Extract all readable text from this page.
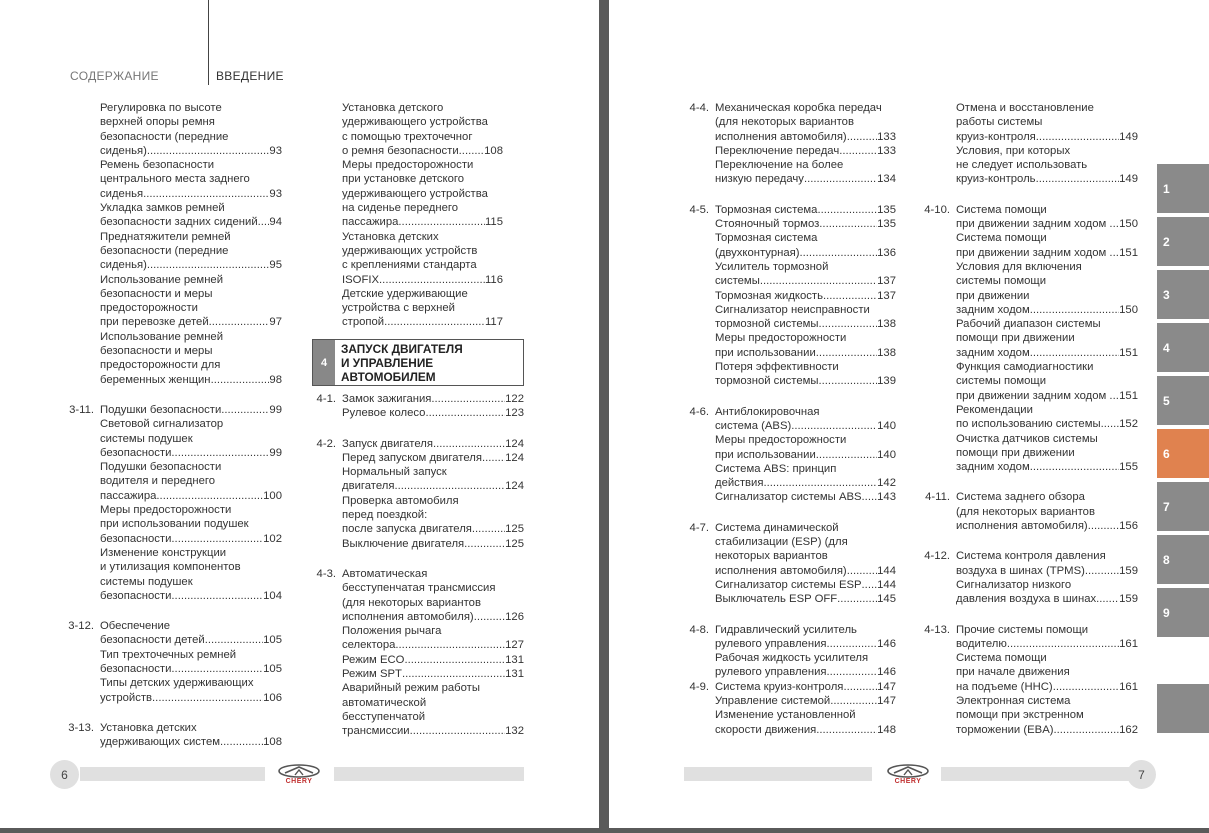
СОДЕРЖАНИЕ	ВВЕДЕНИЕ
Регулировка по высоте
верхней опоры ремня
безопасности (передние
сиденья) .....	93
Ремень безопасности
центрального места заднего
сиденья .....	93
Укладка замков ремней
безопасности задних сидений.. ..... 94
Преднатяжители ремней
безопасности (передние
сиденья) .....	95
Использование ремней
безопасности и меры
предосторожности
при перевозке детей .....	97
Использование ремней
безопасности и меры
предосторожности для
беременных женщин .....	98
3-11. Подушки безопасности .....	99
Световой сигнализатор
системы подушек
безопасности .....	99
Подушки безопасности
водителя и переднего
пассажира .....	100
Меры предосторожности
при использовании подушек
безопасности .....	102
Изменение конструкции
и утилизация компонентов
системы подушек
безопасности .....	104
3-12. Обеспечение
безопасности детей .....	105
Тип трехточечных ремней
безопасности .....	105
Типы детских удерживающих
устройств .....	106
3-13. Установка детских
удерживающих систем .....	108
Установка детского
удерживающего устройства
с помощью трехточечног
о ремня безопасности ..... 108
Меры предосторожности
при установке детского
удерживающего устройства
на сиденье переднего
пассажира .....	115
Установка детских
удерживающих устройств
с креплениями стандарта
ISOFIX .....	116
Детские удерживающие
устройства с верхней
стропой .....	117
4
ЗАПУСК ДВИГАТЕЛЯ
И УПРАВЛЕНИЕ
АВТОМОБИЛЕМ
4-1. Замок зажигания .....	122
Рулевое колесо .....	123
4-2. Запуск двигателя .....	124
Перед запуском двигателя ..... 124
Нормальный запуск
двигателя .....	124
Проверка автомобиля
перед поездкой:
после запуска двигателя .....	125
Выключение двигателя .....	125
4-3. Автоматическая
бесступенчатая трансмиссия
(для некоторых вариантов
исполнения автомобиля) .....	126
Положения рычага
селектора .....	127
Режим ECO .....	131
Режим SPT .....	131
Аварийный режим работы
автоматической
бесступенчатой
трансмиссии .....	132
6	CHERY
4-4. Механическая коробка передач
(для некоторых вариантов
исполнения автомобиля) .....	133
Переключение передач .....	133
Переключение на более
низкую передачу .....	134
4-5. Тормозная система .....	135
Стояночный тормоз .....	135
Тормозная система
(двухконтурная) .....	136
Усилитель тормозной
системы .....	137
Тормозная жидкость .....	137
Сигнализатор неисправности
тормозной системы .....	138
Меры предосторожности
при использовании .....	138
Потеря эффективности
тормозной системы .....	139
4-6. Антиблокировочная
система (ABS) .....	140
Меры предосторожности
при использовании .....	140
Система ABS: принцип
действия .....	142
Сигнализатор системы ABS ..... 143
4-7. Система динамической
стабилизации (ESP) (для
некоторых вариантов
исполнения автомобиля) .....	144
Сигнализатор системы ESP ..... 144
Выключатель ESP OFF .....	145
4-8. Гидравлический усилитель
рулевого управления .....	146
Рабочая жидкость усилителя
рулевого управления .....	146
4-9. Система круиз-контроля .....	147
Управление системой .....	147
Изменение установленной
скорости движения .....	148
Отмена и восстановление
работы системы
круиз-контроля .....	149
Условия, при которых
не следует использовать
круиз-контроль .....	149
4-10. Система помощи
при движении задним ходом .. ..... 150
Система помощи
при движении задним ходом .. ..... 151
Условия для включения
системы помощи
при движении
задним ходом .....	150
Рабочий диапазон системы
помощи при движении
задним ходом .....	151
Функция самодиагностики
системы помощи
при движении задним ходом .. ..... 151
Рекомендации
по использованию системы... ..... 152
Очистка датчиков системы
помощи при движении
задним ходом .....	155
4-11. Система заднего обзора
(для некоторых вариантов
исполнения автомобиля) .....	156
4-12. Система контроля давления
воздуха в шинах (TPMS) .....	159
Сигнализатор низкого
давления воздуха в шинах ..... 159
4-13. Прочие системы помощи
водителю .....	161
Система помощи
при начале движения
на подъеме (HHC) .....	161
Электронная система
помощи при экстренном
торможении (EBA) .....	162
CHERY	7
1
2
3
4
5
6
7
8
9
